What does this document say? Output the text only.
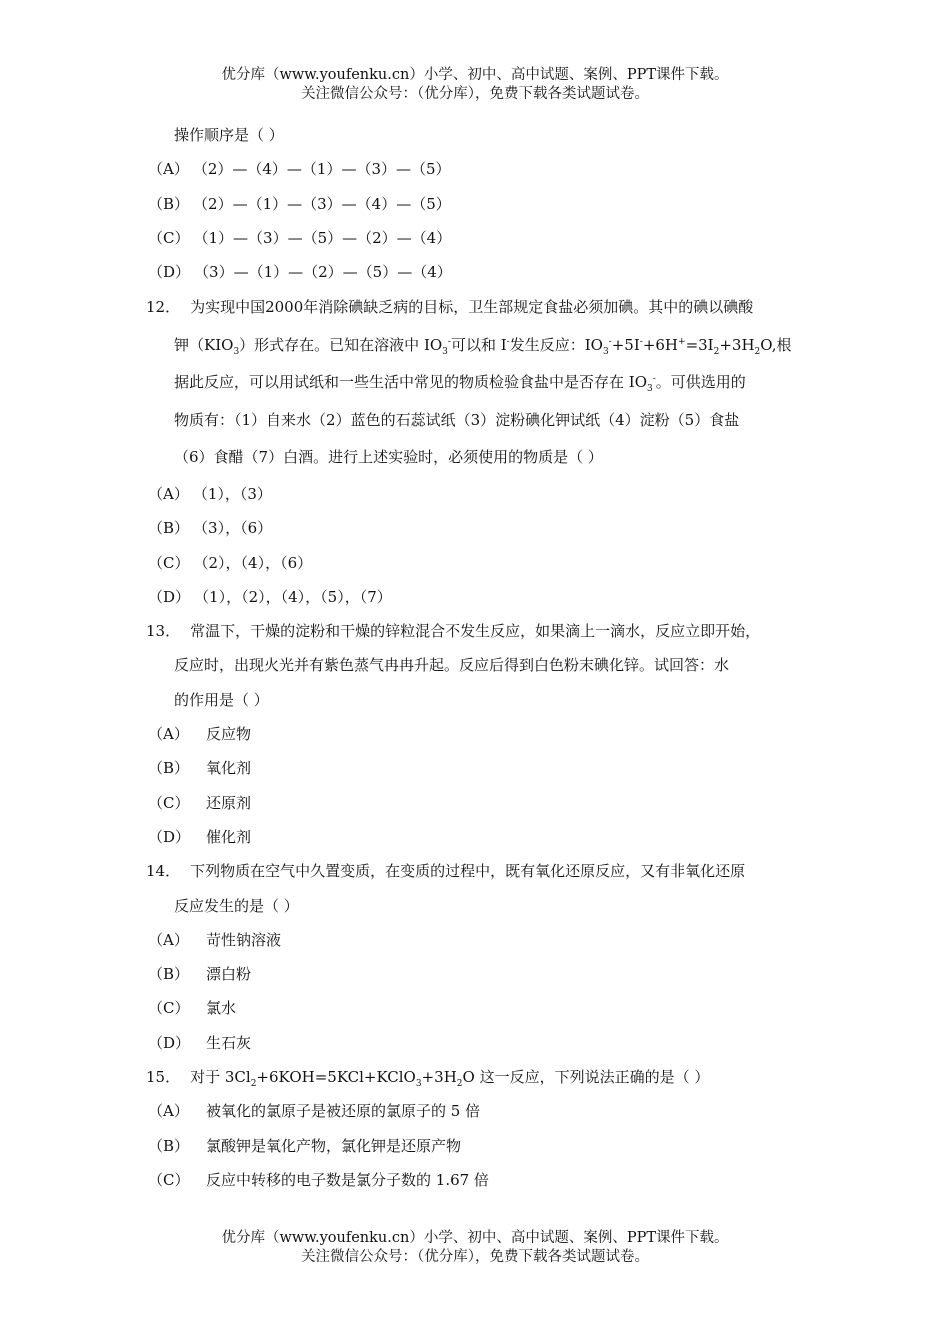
优分库（www.youfenku.cn）小学、初中、高中试题、案例、PPT课件下载。
关注微信公众号：（优分库），免费下载各类试题试卷。
操作顺序是（ ）
（A） （2）—（4）—（1）—（3）—（5）
（B） （2）—（1）—（3）—（4）—（5）
（C） （1）—（3）—（5）—（2）—（4）
（D） （3）—（1）—（2）—（5）—（4）
12． 为实现中国2000年消除碘缺乏病的目标，卫生部规定食盐必须加碘。其中的碘以碘酸
钾$(KIO_3)$形式存在。已知在溶液中 $IO_3^-$可以和 I-发生反应：$IO_3^-+5I^-+6H^+=3I_2+3H_2O$,根
据此反应，可以用试纸和一些生活中常见的物质检验食盐中是否存在 $IO_3^-$。可供选用的
物质有：（1）自来水（2）蓝色的石蕊试纸（3）淀粉碘化钾试纸（4）淀粉（5）食盐
（6）食醋（7）白酒。进行上述实验时，必须使用的物质是（ ）
（A） （1），（3）
（B） （3），（6）
（C） （2），（4），（6）
（D） （1），（2），（4），（5），（7）
13． 常温下，干燥的淀粉和干燥的锌粒混合不发生反应，如果滴上一滴水，反应立即开始，
反应时，出现火光并有紫色蒸气冉冉升起。反应后得到白色粉末碘化锌。试回答：水
的作用是（ ）
（A） 反应物
（B） 氧化剂
（C） 还原剂
（D） 催化剂
14． 下列物质在空气中久置变质，在变质的过程中，既有氧化还原反应，又有非氧化还原
反应发生的是（ ）
（A） 苛性钠溶液
（B） 漂白粉
（C） 氯水
（D） 生石灰
15． 对于 $3Cl_2+6KOH=5KCl+KClO_3+3H_2O$ 这一反应，下列说法正确的是（ ）
（A） 被氧化的氯原子是被还原的氯原子的 5 倍
（B） 氯酸钾是氧化产物，氯化钾是还原产物
（C） 反应中转移的电子数是氯分子数的 1.67 倍
优分库（www.youfenku.cn）小学、初中、高中试题、案例、PPT课件下载。
关注微信公众号：（优分库），免费下载各类试题试卷。
